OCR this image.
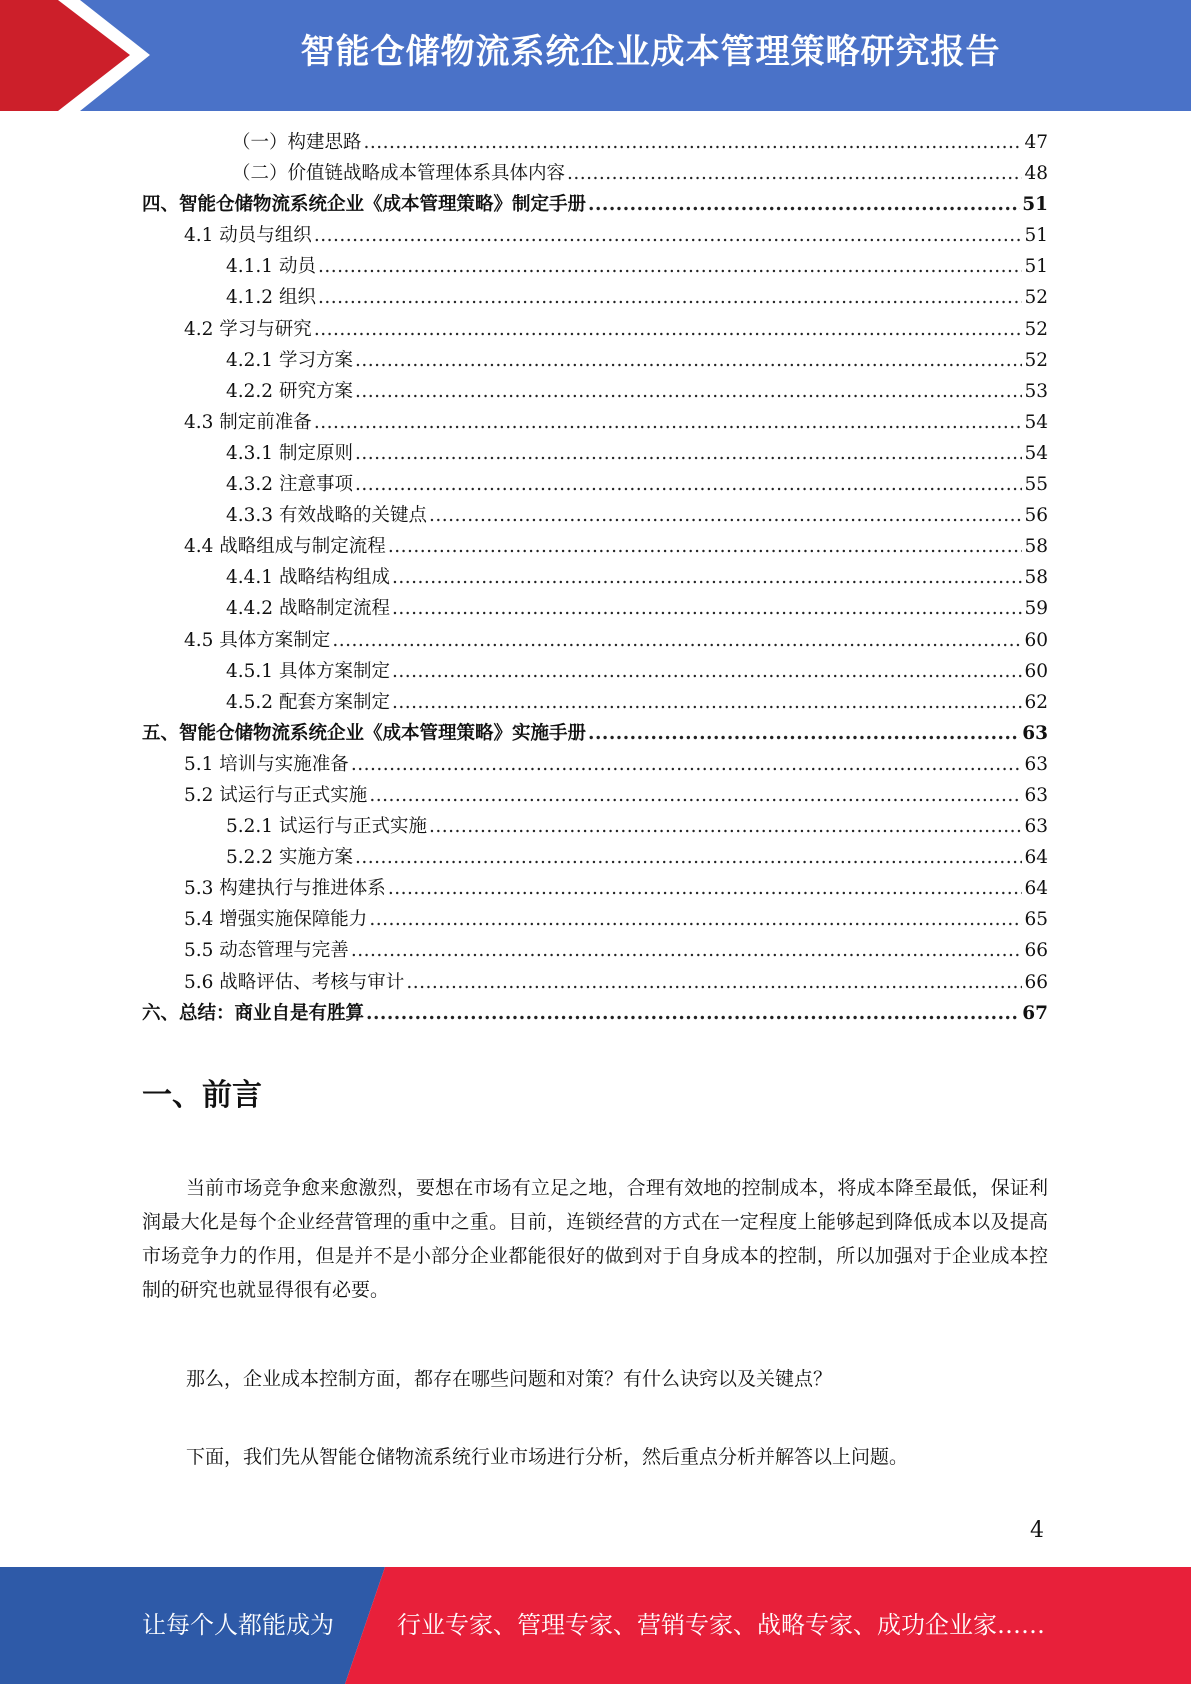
智能仓储物流系统企业成本管理策略研究报告
（一）构建思路 .....	47
（二）价值链战略成本管理体系具体内容 .....	48
四、智能仓储物流系统企业《成本管理策略》制定手册 .....	51
4.1 动员与组织 .....	51
4.1.1 动员 .....	51
4.1.2 组织 .....	52
4.2 学习与研究 .....	52
4.2.1 学习方案 .....	52
4.2.2 研究方案 .....	53
4.3 制定前准备 .....	54
4.3.1 制定原则 .....	54
4.3.2 注意事项 .....	55
4.3.3 有效战略的关键点 .....	56
4.4 战略组成与制定流程 .....	58
4.4.1 战略结构组成 .....	58
4.4.2 战略制定流程 .....	59
4.5 具体方案制定 .....	60
4.5.1 具体方案制定 .....	60
4.5.2 配套方案制定 .....	62
五、智能仓储物流系统企业《成本管理策略》实施手册 .....	63
5.1 培训与实施准备 .....	63
5.2 试运行与正式实施 .....	63
5.2.1 试运行与正式实施 .....	63
5.2.2 实施方案 .....	64
5.3 构建执行与推进体系 .....	64
5.4 增强实施保障能力 .....	65
5.5 动态管理与完善 .....	66
5.6 战略评估、考核与审计 .....	66
六、总结：商业自是有胜算 .....	67
一、前言

当前市场竞争愈来愈激烈，要想在市场有立足之地，合理有效地的控制成本，将成本降至最低，保证利润最大化是每个企业经营管理的重中之重。目前，连锁经营的方式在一定程度上能够起到降低成本以及提高市场竞争力的作用，但是并不是小部分企业都能很好的做到对于自身成本的控制，所以加强对于企业成本控制的研究也就显得很有必要。

那么，企业成本控制方面，都存在哪些问题和对策？有什么诀窍以及关键点？

下面，我们先从智能仓储物流系统行业市场进行分析，然后重点分析并解答以上问题。

4
让每个人都能成为	行业专家、管理专家、营销专家、战略专家、成功企业家……
